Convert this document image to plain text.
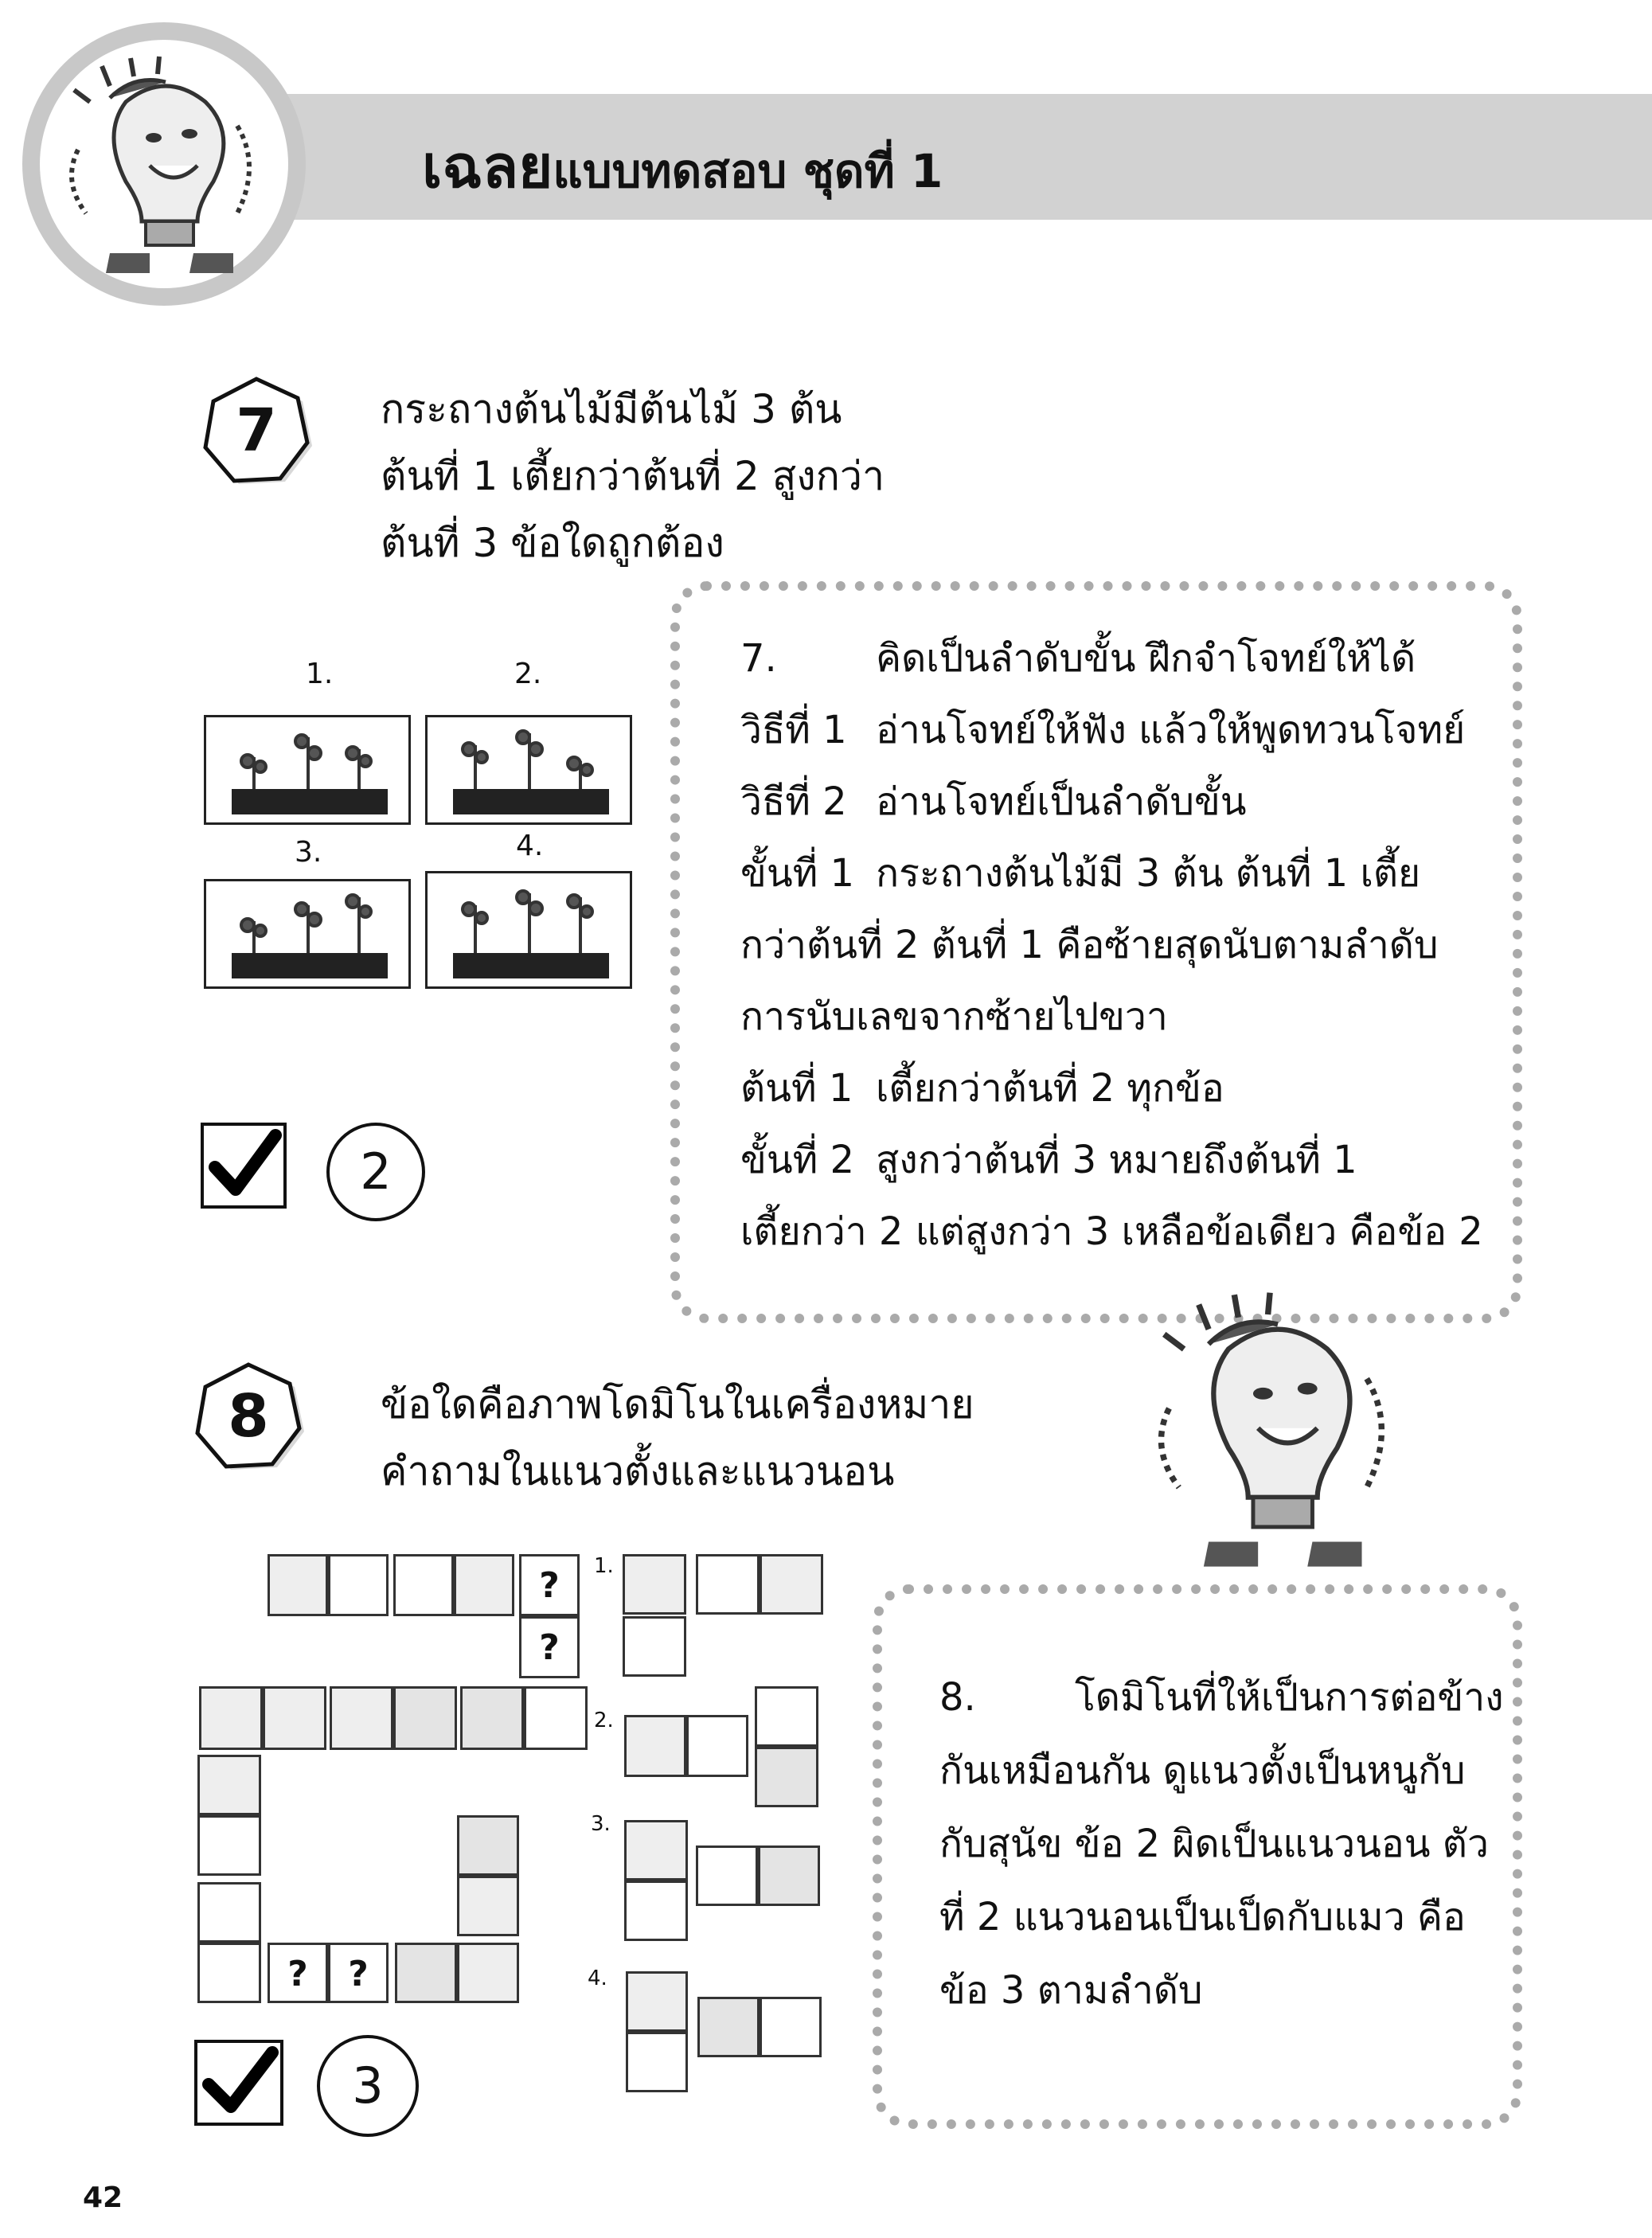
เฉลยแบบทดสอบ ชุดที่ 1
7	กระถางต้นไม้มีต้นไม้ 3 ต้น
ต้นที่ 1 เตี้ยกว่าต้นที่ 2 สูงกว่า
ต้นที่ 3 ข้อใดถูกต้อง
1.	2.
3.	4.
2
7.	คิดเป็นลำดับขั้น ฝึกจำโจทย์ให้ได้
วิธีที่ 1 อ่านโจทย์ให้ฟัง แล้วให้พูดทวนโจทย์
วิธีที่ 2 อ่านโจทย์เป็นลำดับขั้น
ขั้นที่ 1 กระถางต้นไม้มี 3 ต้น ต้นที่ 1 เตี้ย
กว่าต้นที่ 2 ต้นที่ 1 คือซ้ายสุดนับตามลำดับ
การนับเลขจากซ้ายไปขวา
ต้นที่ 1 เตี้ยกว่าต้นที่ 2 ทุกข้อ
ขั้นที่ 2 สูงกว่าต้นที่ 3 หมายถึงต้นที่ 1
เตี้ยกว่า 2 แต่สูงกว่า 3 เหลือข้อเดียว คือข้อ 2
8	ข้อใดคือภาพโดมิโนในเครื่องหมาย
คำถามในแนวตั้งและแนวนอน
?
?
?	?
1.
2.
3.
4.
3
8.	โดมิโนที่ให้เป็นการต่อข้าง
กันเหมือนกัน ดูแนวตั้งเป็นหนูกับ
กับสุนัข ข้อ 2 ผิดเป็นแนวนอน ตัว
ที่ 2 แนวนอนเป็นเป็ดกับแมว คือ
ข้อ 3 ตามลำดับ
42
